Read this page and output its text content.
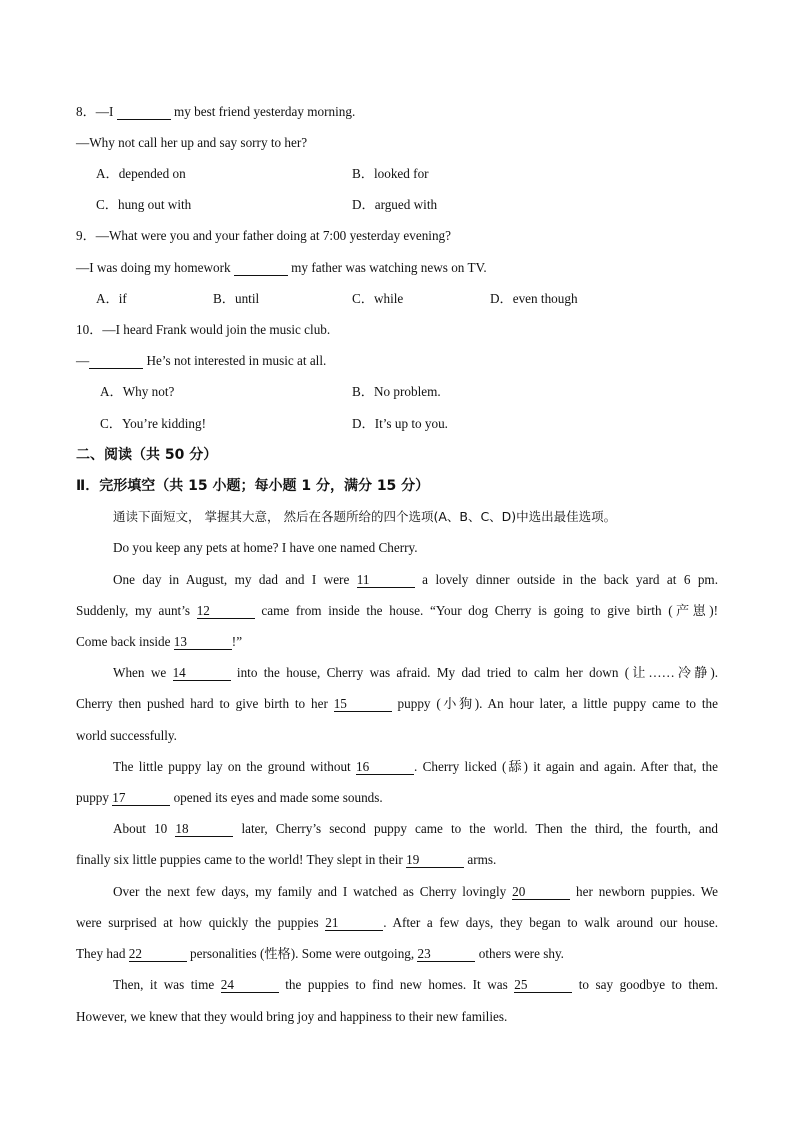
8．—I	my best friend yesterday morning.
—Why not call her up and say sorry to her?
A．depended on	B．looked for
C．hung out with	D．argued with
9．—What were you and your father doing at 7:00 yesterday evening?
—I was doing my homework	my father was watching news on TV.
A．if	B．until	C．while	D．even though
10．—I heard Frank would join the music club.
—	He’s not interested in music at all.
A．Why not?	B．No problem.
C．You’re kidding!	D．It’s up to you.
二、阅读（共 50 分）
Ⅱ．完形填空（共 15 小题；每小题 1 分，满分 15 分）
通读下面短文， 掌握其大意， 然后在各题所给的四个选项(A、B、C、D)中选出最佳选项。
Do you keep any pets at home? I have one named Cherry.
One day in August, my dad and I were 11	a lovely dinner outside in the back yard at 6 pm.
Suddenly, my aunt’s 12	came from inside the house. “Your dog Cherry is going to give birth (产崽)!
Come back inside 13	!”
When we 14	into the house, Cherry was afraid. My dad tried to calm her down (让……冷静).
Cherry then pushed hard to give birth to her 15	puppy (小狗). An hour later, a little puppy came to the
world successfully.
The little puppy lay on the ground without 16	. Cherry licked (舔) it again and again. After that, the
puppy 17	opened its eyes and made some sounds.
About 10 18	later, Cherry’s second puppy came to the world. Then the third, the fourth, and
finally six little puppies came to the world! They slept in their 19	arms.
Over the next few days, my family and I watched as Cherry lovingly 20	her newborn puppies. We
were surprised at how quickly the puppies 21	. After a few days, they began to walk around our house.
They had 22	personalities (性格). Some were outgoing, 23	others were shy.
Then, it was time 24	the puppies to find new homes. It was 25	to say goodbye to them.
However, we knew that they would bring joy and happiness to their new families.
